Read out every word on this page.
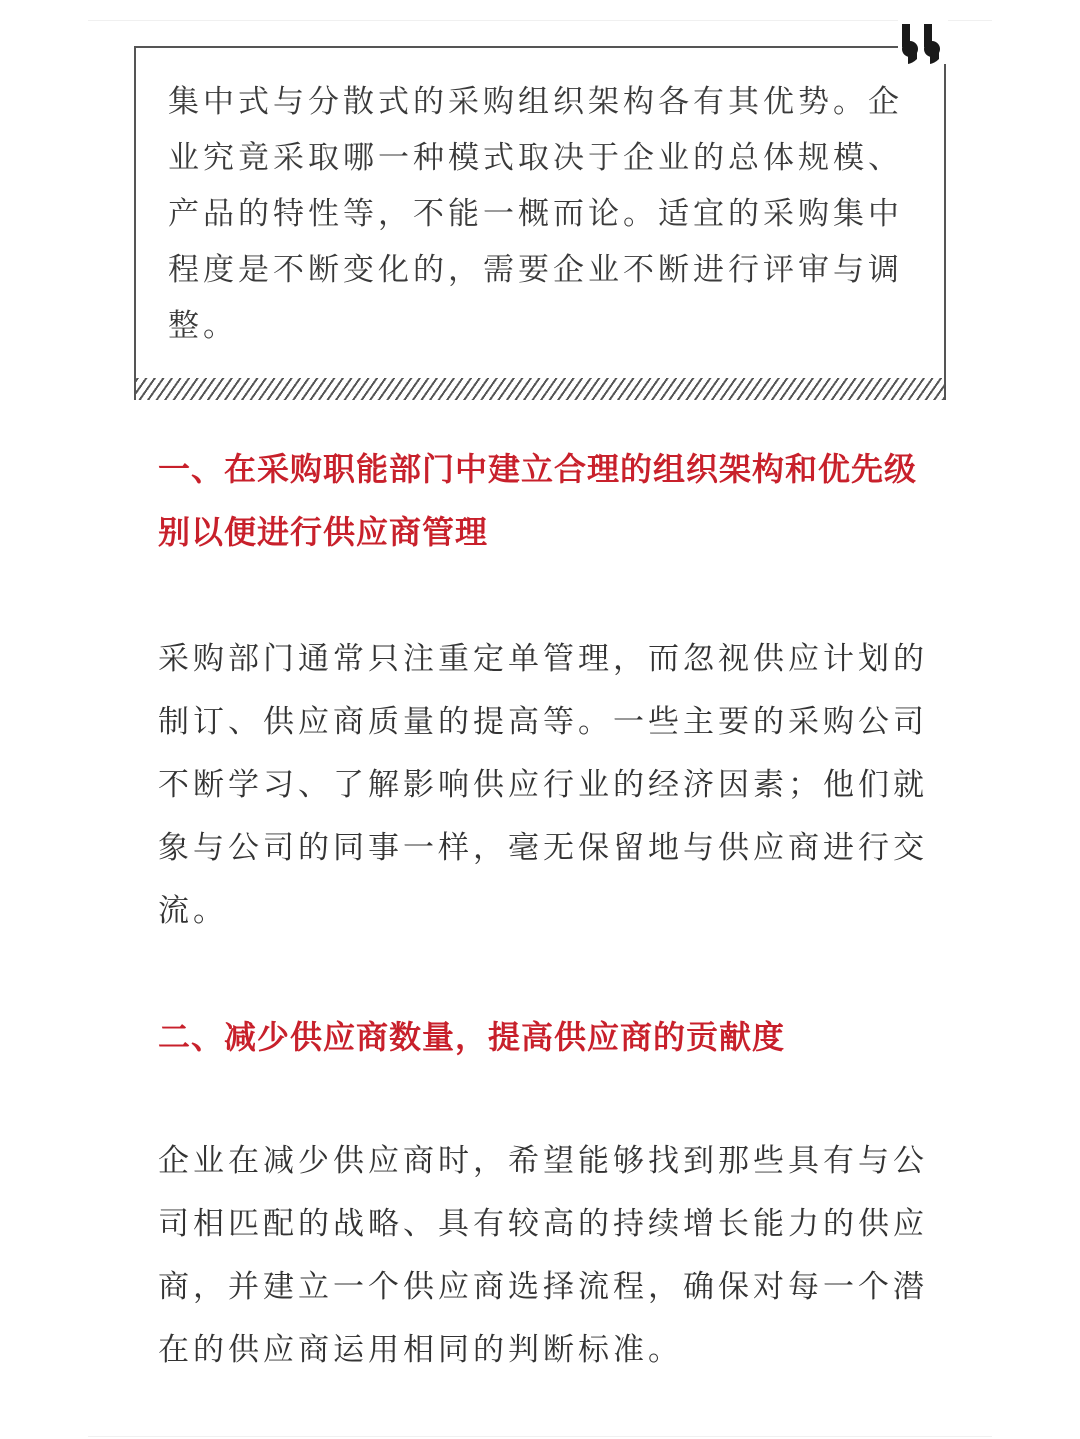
集中式与分散式的采购组织架构各有其优势。企业究竟采取哪一种模式取决于企业的总体规模、产品的特性等，不能一概而论。适宜的采购集中程度是不断变化的，需要企业不断进行评审与调整。

一、在采购职能部门中建立合理的组织架构和优先级别以便进行供应商管理

采购部门通常只注重定单管理，而忽视供应计划的制订、供应商质量的提高等。一些主要的采购公司不断学习、了解影响供应行业的经济因素；他们就象与公司的同事一样，毫无保留地与供应商进行交流。

二、减少供应商数量，提高供应商的贡献度

企业在减少供应商时，希望能够找到那些具有与公司相匹配的战略、具有较高的持续增长能力的供应商，并建立一个供应商选择流程，确保对每一个潜在的供应商运用相同的判断标准。
